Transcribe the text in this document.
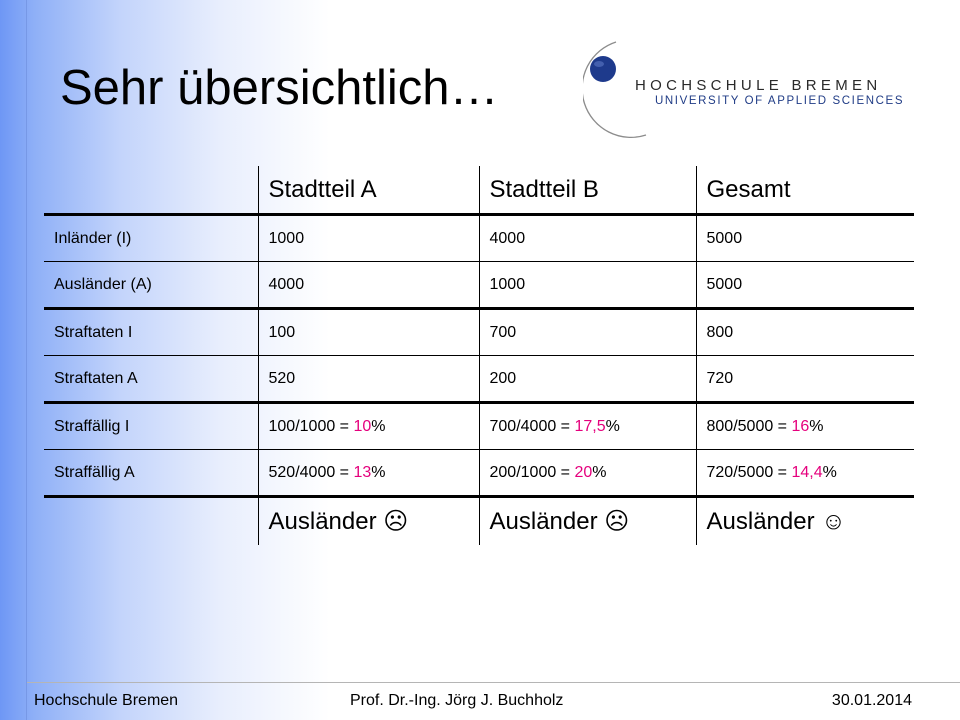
Sehr übersichtlich…	HOCHSCHULE BREMEN
UNIVERSITY OF APPLIED SCIENCES
	Stadtteil A	Stadtteil B	Gesamt
Inländer (I)	1000	4000	5000
Ausländer (A)	4000	1000	5000
Straftaten I	100	700	800
Straftaten A	520	200	720
Straffällig I	100/1000 = 10%	700/4000 = 17,5%	800/5000 = 16%
Straffällig A	520/4000 = 13%	200/1000 = 20%	720/5000 = 14,4%
	Ausländer ☹	Ausländer ☹	Ausländer ☺
Hochschule Bremen	Prof. Dr.-Ing. Jörg J. Buchholz	30.01.2014
